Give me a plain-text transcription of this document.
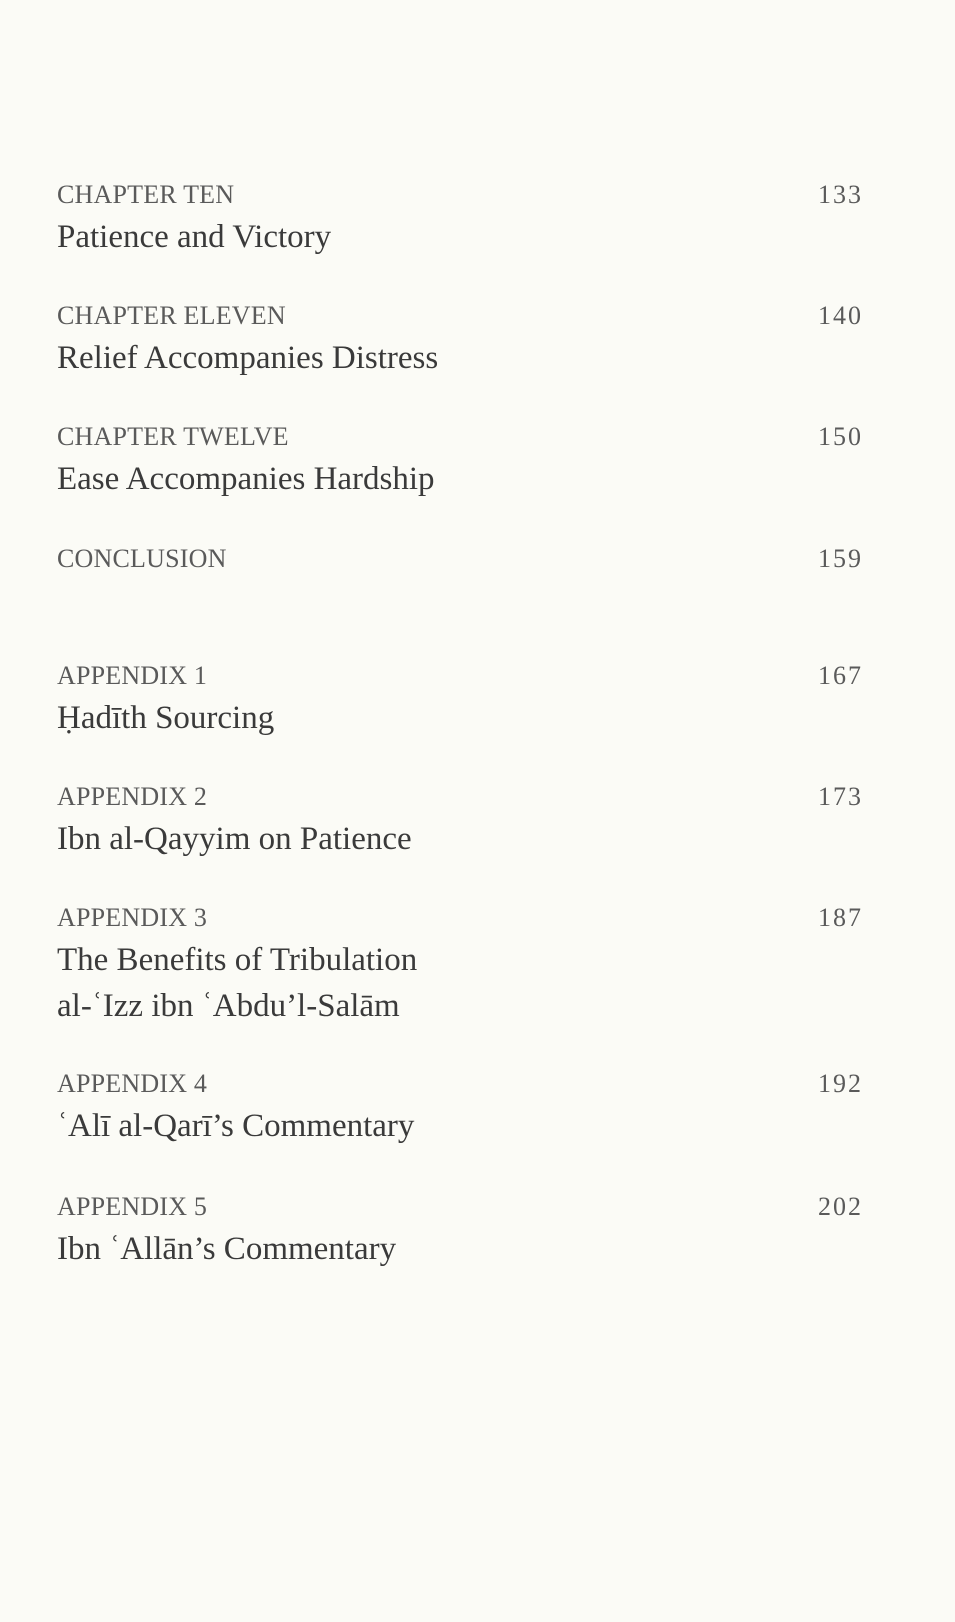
CHAPTER TEN	133
Patience and Victory
CHAPTER ELEVEN	140
Relief Accompanies Distress
CHAPTER TWELVE	150
Ease Accompanies Hardship
CONCLUSION	159
APPENDIX 1	167
Ḥadīth Sourcing
APPENDIX 2	173
Ibn al-Qayyim on Patience
APPENDIX 3	187
The Benefits of Tribulation
al-ʿIzz ibn ʿAbdu’l-Salām
APPENDIX 4	192
ʿAlī al-Qarī’s Commentary
APPENDIX 5	202
Ibn ʿAllān’s Commentary
